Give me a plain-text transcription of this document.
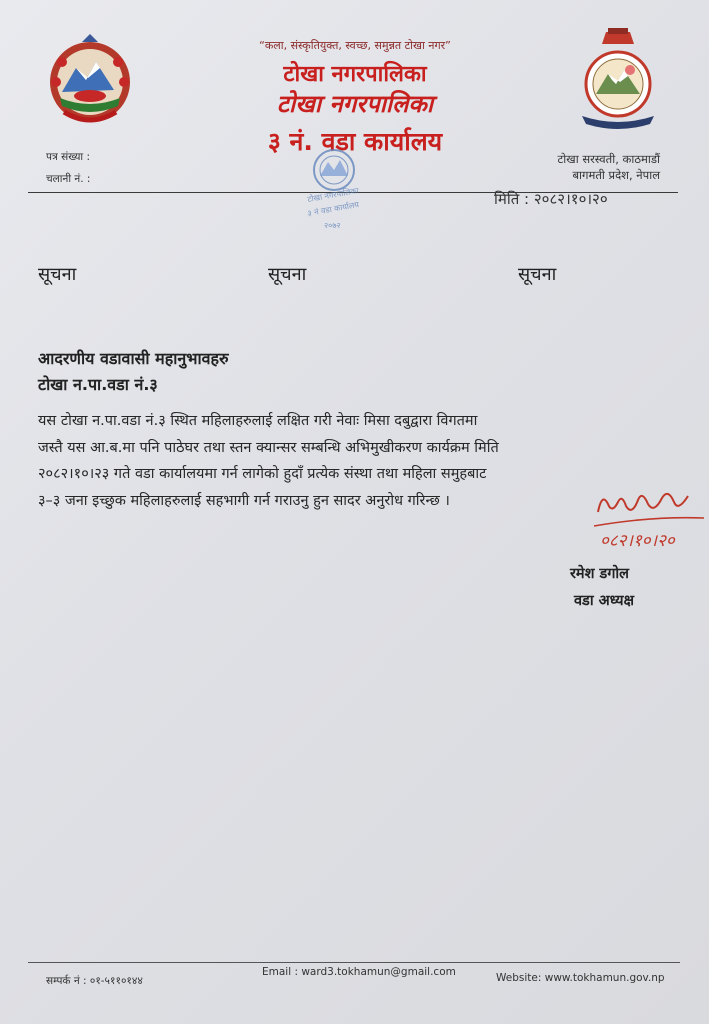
“कला, संस्कृतियुक्त, स्वच्छ, समुन्नत टोखा नगर”
टोखा नगरपालिका
टोखा नगरपालिका
३ नं. वडा कार्यालय
पत्र संख्या :
चलानी नं. :
टोखा सरस्वती, काठमाडौं
बागमती प्रदेश, नेपाल
मिति : २०८२।१०।२०
टोखा नगरपालिका
३ नं वडा कार्यालय
२०७२
सूचना	सूचना	सूचना
आदरणीय वडावासी महानुभावहरु
टोखा न.पा.वडा नं.३
यस टोखा न.पा.वडा नं.३ स्थित महिलाहरुलाई लक्षित गरी नेवाः मिसा दबुद्वारा विगतमा
जस्तै यस आ.ब.मा पनि पाठेघर तथा स्तन क्यान्सर सम्बन्धि अभिमुखीकरण कार्यक्रम मिति
२०८२।१०।२३ गते वडा कार्यालयमा गर्न लागेको हुदाँ प्रत्येक संस्था तथा महिला समुहबाट
३–३ जना इच्छुक महिलाहरुलाई सहभागी गर्न गराउनु हुन सादर अनुरोध गरिन्छ ।
०८२।१०।२०
रमेश डगोल
वडा अध्यक्ष
सम्पर्क नं : ०१-५११०१४४
Email : ward3.tokhamun@gmail.com	Website: www.tokhamun.gov.np
